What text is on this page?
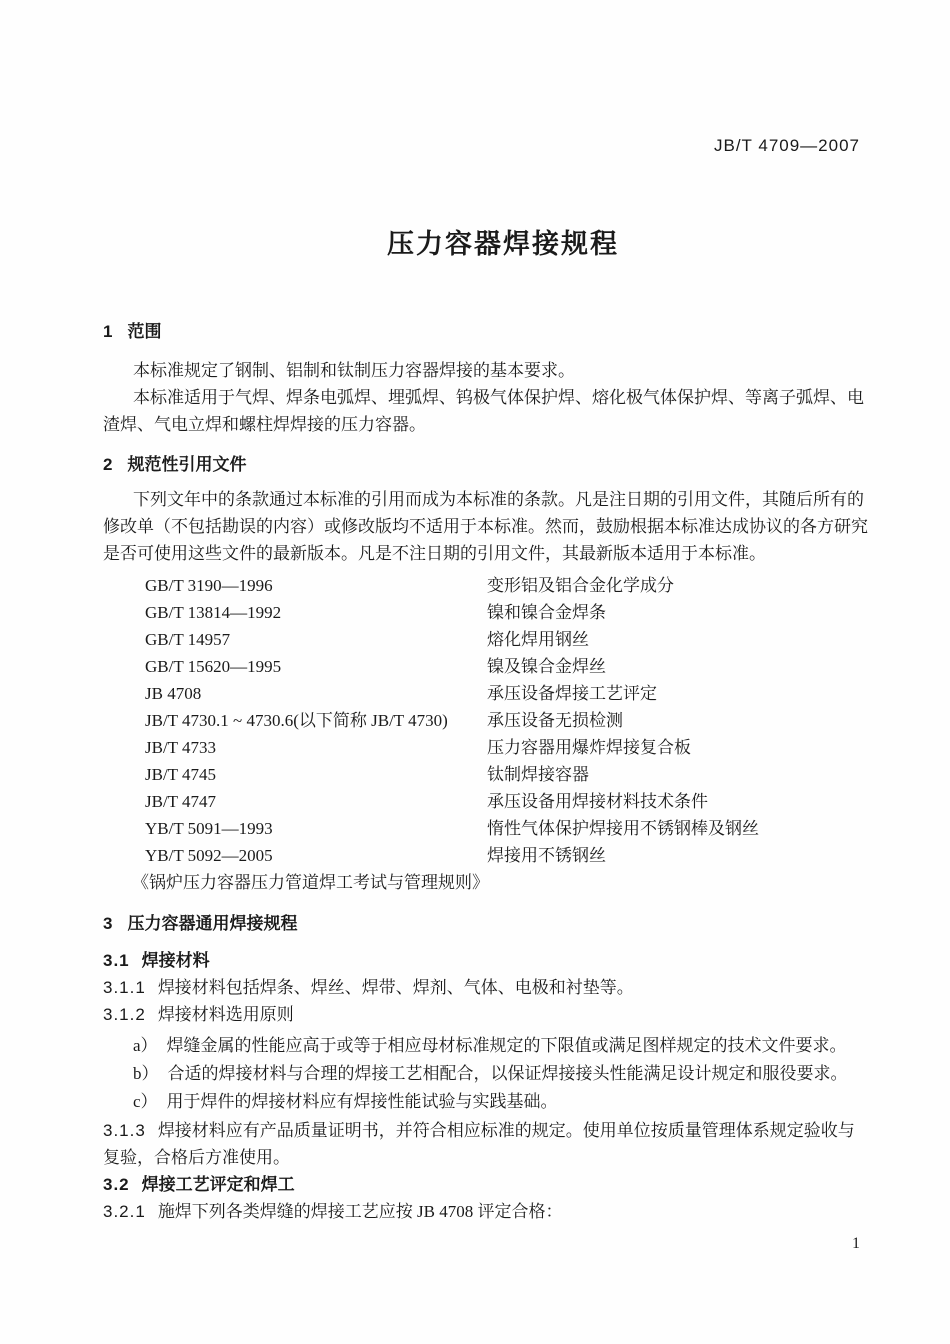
JB/T 4709—2007
压力容器焊接规程
1 范围

本标准规定了钢制、铝制和钛制压力容器焊接的基本要求。

本标准适用于气焊、焊条电弧焊、埋弧焊、钨极气体保护焊、熔化极气体保护焊、等离子弧焊、电
渣焊、气电立焊和螺柱焊焊接的压力容器。

2 规范性引用文件

下列文年中的条款通过本标准的引用而成为本标准的条款。凡是注日期的引用文件，其随后所有的
修改单（不包括勘误的内容）或修改版均不适用于本标准。然而，鼓励根据本标准达成协议的各方研究
是否可使用这些文件的最新版本。凡是不注日期的引用文件，其最新版本适用于本标准。

GB/T 3190—1996	变形铝及铝合金化学成分
GB/T 13814—1992	镍和镍合金焊条
GB/T 14957	熔化焊用钢丝
GB/T 15620—1995	镍及镍合金焊丝
JB 4708	承压设备焊接工艺评定
JB/T 4730.1 ~ 4730.6(以下简称 JB/T 4730) 承压设备无损检测
JB/T 4733	压力容器用爆炸焊接复合板
JB/T 4745	钛制焊接容器
JB/T 4747	承压设备用焊接材料技术条件
YB/T 5091—1993	惰性气体保护焊接用不锈钢棒及钢丝
YB/T 5092—2005	焊接用不锈钢丝
《锅炉压力容器压力管道焊工考试与管理规则》
3 压力容器通用焊接规程
3.1 焊接材料
3.1.1 焊接材料包括焊条、焊丝、焊带、焊剂、气体、电极和衬垫等。
3.1.2 焊接材料选用原则
a） 焊缝金属的性能应高于或等于相应母材标准规定的下限值或满足图样规定的技术文件要求。
b） 合适的焊接材料与合理的焊接工艺相配合，以保证焊接接头性能满足设计规定和服役要求。
c） 用于焊件的焊接材料应有焊接性能试验与实践基础。
3.1.3 焊接材料应有产品质量证明书，并符合相应标准的规定。使用单位按质量管理体系规定验收与
复验，合格后方准使用。
3.2 焊接工艺评定和焊工
3.2.1 施焊下列各类焊缝的焊接工艺应按 JB 4708 评定合格：
1
